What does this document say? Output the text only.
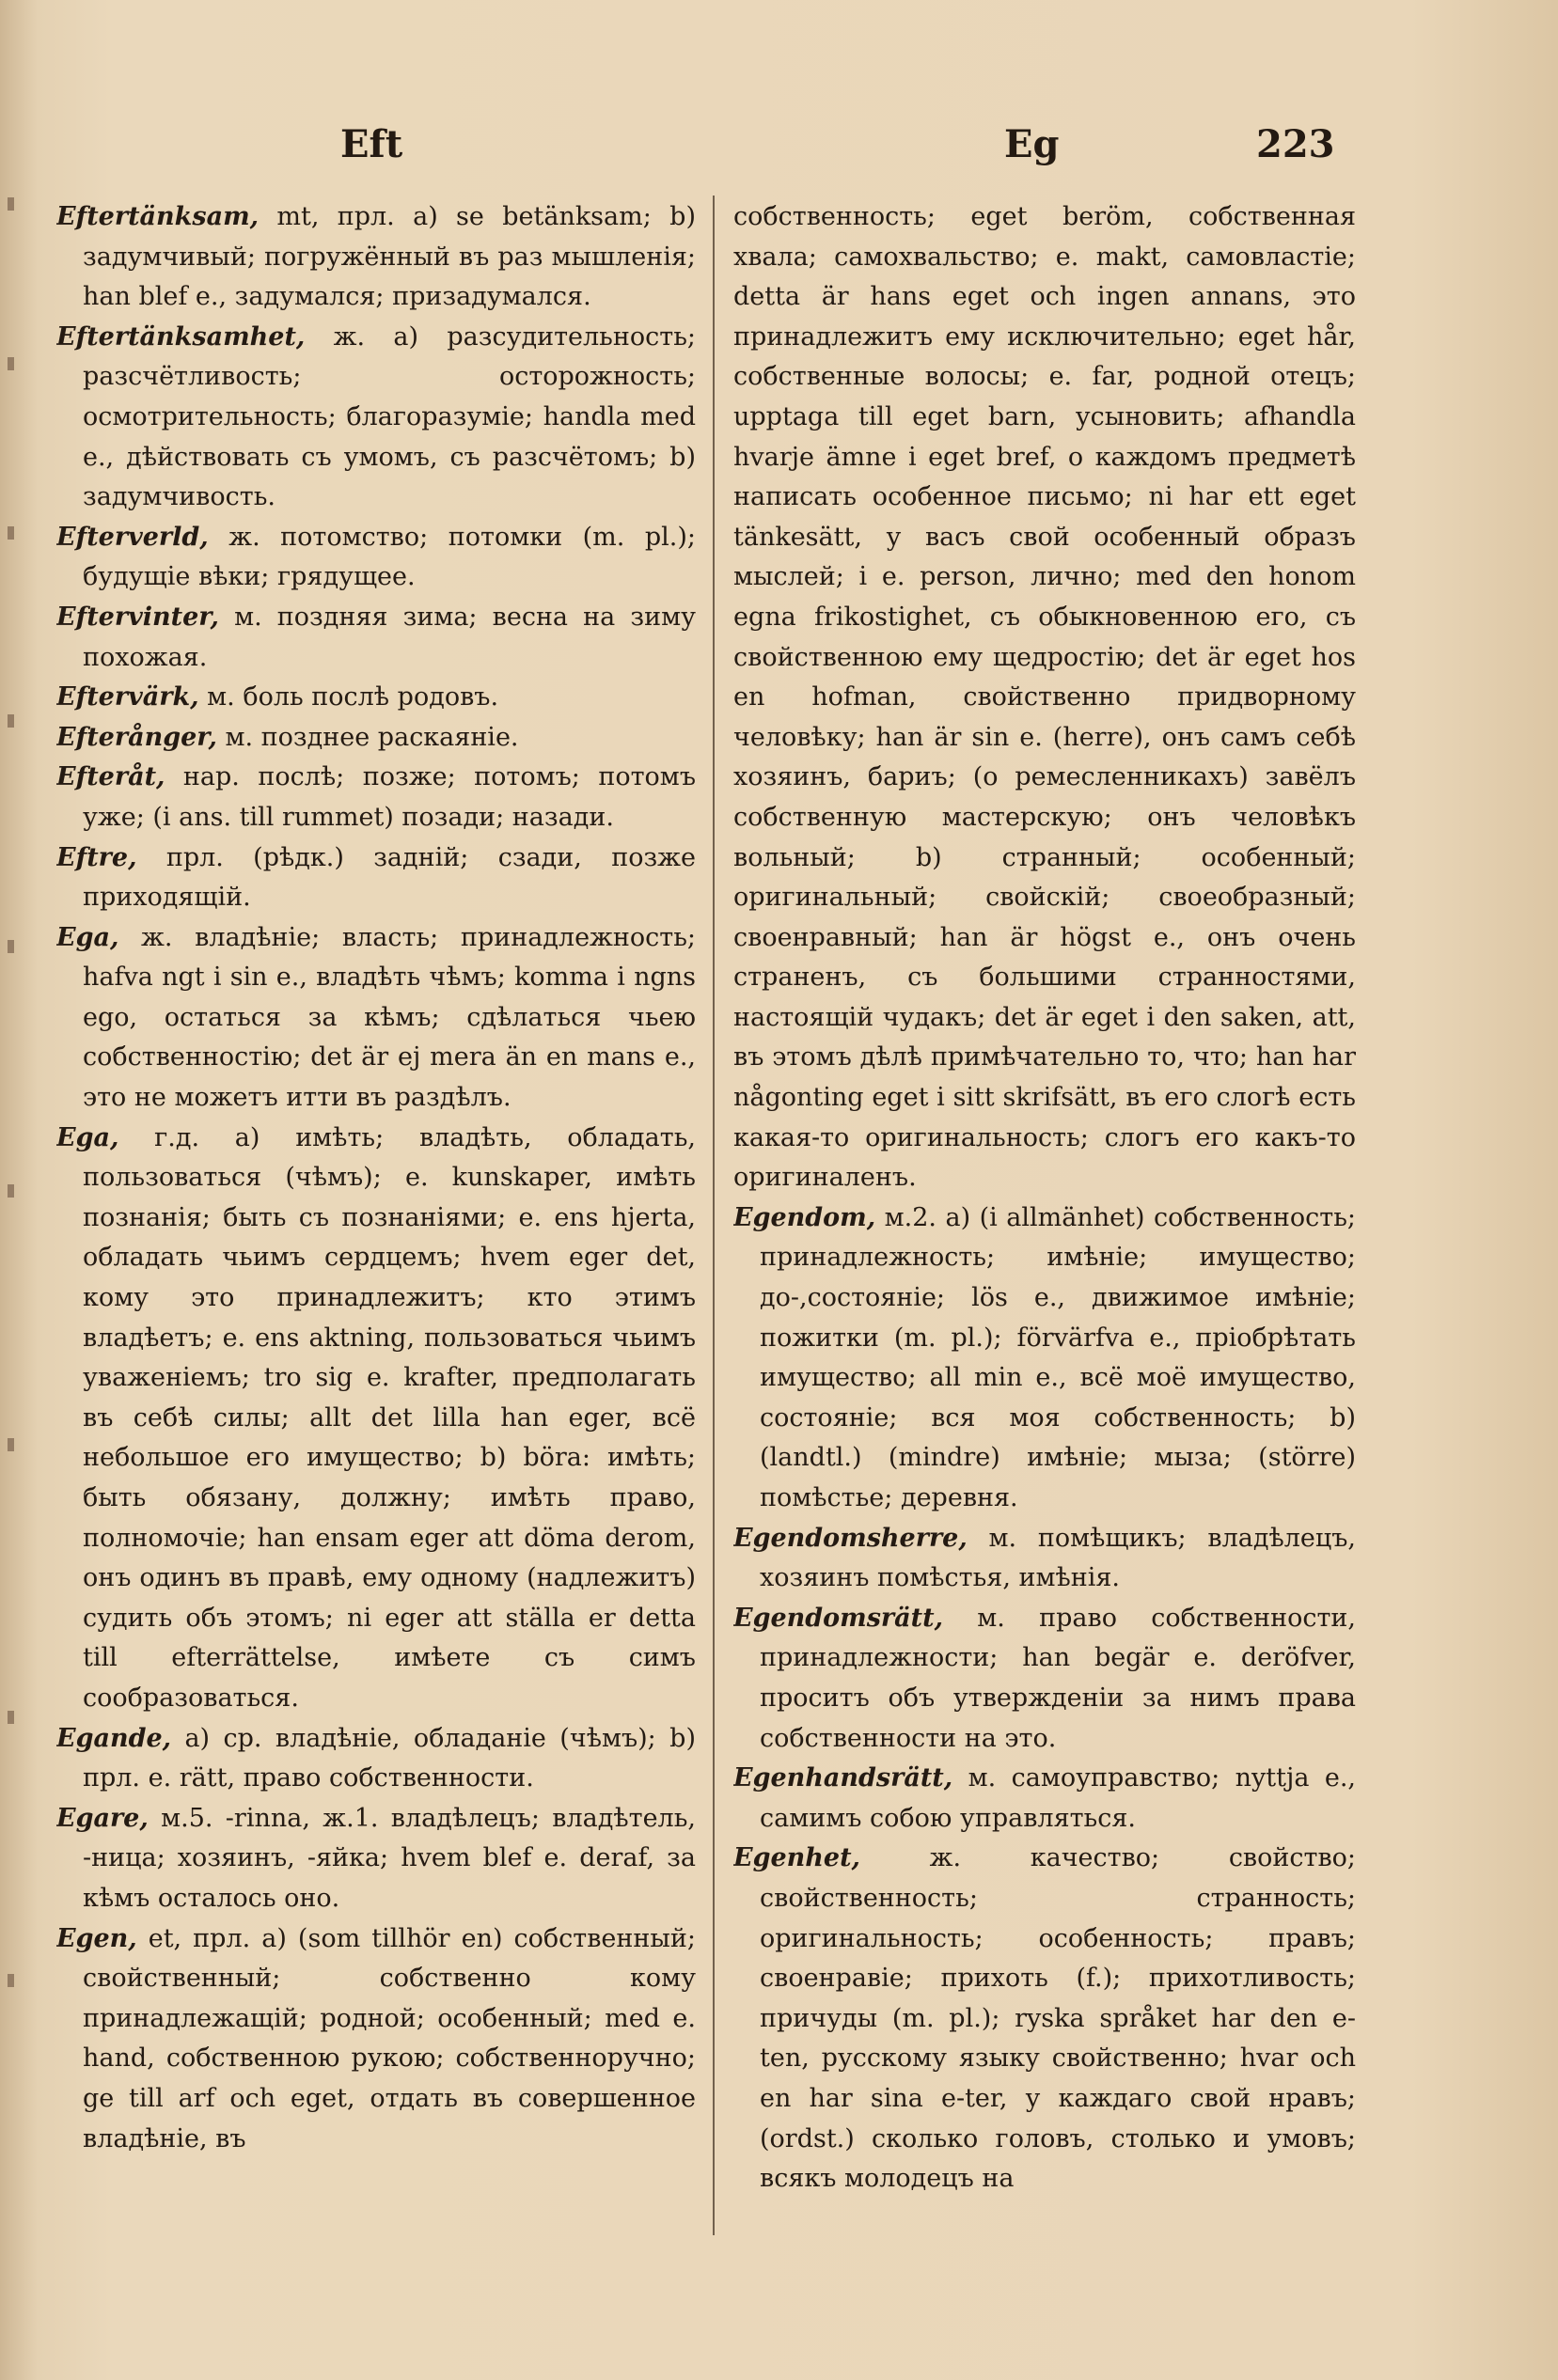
Eft	Eg	223

Eftertänksam, mt, прл. a) se betänksam; b) задумчивый; погружённый въ раз мышленія; han blef e., задумался; призадумался.

Eftertänksamhet, ж. a) разсудительность; разсчётливость; осторожность; осмотрительность; благоразуміе; handla med e., дѣйствовать съ умомъ, съ разсчётомъ; b) задумчивость.

Efterverld, ж. потомство; потомки (m. pl.); будущіе вѣки; грядущее.

Eftervinter, м. поздняя зима; весна на зиму похожая.

Eftervärk, м. боль послѣ родовъ.

Efterånger, м. позднее раскаяніе.

Efteråt, нар. послѣ; позже; потомъ; потомъ уже; (i ans. till rummet) позади; назади.

Eftre, прл. (рѣдк.) задній; сзади, позже приходящій.

Ega, ж. владѣніе; власть; принадлежность; hafva ngt i sin e., владѣть чѣмъ; komma i ngns ego, остаться за кѣмъ; сдѣлаться чьею собственностію; det är ej mera än en mans e., это не можетъ итти въ раздѣлъ.

Ega, г.д. a) имѣть; владѣть, обладать, пользоваться (чѣмъ); e. kunskaper, имѣть познанія; быть съ познаніями; e. ens hjerta, обладать чьимъ сердцемъ; hvem eger det, кому это принадлежитъ; кто этимъ владѣетъ; e. ens aktning, пользоваться чьимъ уваженіемъ; tro sig e. krafter, предполагать въ себѣ силы; allt det lilla han eger, всё небольшое его имущество; b) böra: имѣть; быть обязану, должну; имѣть право, полномочіе; han ensam eger att döma derom, онъ одинъ въ правѣ, ему одному (надлежитъ) судить объ этомъ; ni eger att ställa er detta till efterrättelse, имѣете съ симъ сообразоваться.

Egande, a) ср. владѣніе, обладаніе (чѣмъ); b) прл. e. rätt, право собственности.

Egare, м.5. -rinna, ж.1. владѣлецъ; владѣтель, -ница; хозяинъ, -яйка; hvem blef e. deraf, за кѣмъ осталось оно.

Egen, et, прл. a) (som tillhör en) собственный; свойственный; собственно кому принадлежащій; родной; особенный; med e. hand, собственною рукою; собственноручно; ge till arf och eget, отдать въ совершенное владѣніе, въ

собственность; eget beröm, собственная хвала; самохвальство; e. makt, самовластіе; detta är hans eget och ingen annans, это принадлежитъ ему исключительно; eget hår, собственные волосы; e. far, родной отецъ; upptaga till eget barn, усыновить; afhandla hvarje ämne i eget bref, о каждомъ предметѣ написать особенное письмо; ni har ett eget tänkesätt, у васъ свой особенный образъ мыслей; i e. person, лично; med den honom egna frikostighet, съ обыкновенною его, съ свойственною ему щедростію; det är eget hos en hofman, свойственно придворному человѣку; han är sin e. (herre), онъ самъ себѣ хозяинъ, бариъ; (о ремесленникахъ) завёлъ собственную мастерскую; онъ человѣкъ вольный; b) странный; особенный; оригинальный; свойскій; своеобразный; своенравный; han är högst e., онъ очень страненъ, съ большими странностями, настоящій чудакъ; det är eget i den saken, att, въ этомъ дѣлѣ примѣчательно то, что; han har någonting eget i sitt skrifsätt, въ его слогѣ есть какая-то оригинальность; слогъ его какъ-то оригиналенъ.

Egendom, м.2. a) (i allmänhet) собственность; принадлежность; имѣніе; имущество; до-,состояніе; lös e., движимое имѣніе; пожитки (m. pl.); förvärfva e., пріобрѣтать имущество; all min e., всё моё имущество, состояніе; вся моя собственность; b) (landtl.) (mindre) имѣніе; мыза; (större) помѣстье; деревня.

Egendomsherre, м. помѣщикъ; владѣлецъ, хозяинъ помѣстья, имѣнія.

Egendomsrätt, м. право собственности, принадлежности; han begär e. deröfver, проситъ объ утвержденіи за нимъ права собственности на это.

Egenhandsrätt, м. самоуправство; nyttja e., самимъ собою управляться.

Egenhet, ж. качество; свойство; свойственность; странность; оригинальность; особенность; правъ; своенравіе; прихоть (f.); прихотливость; причуды (m. pl.); ryska språket har den e-ten, русскому языку свойственно; hvar och en har sina e-ter, у каждаго свой нравъ; (ordst.) сколько головъ, столько и умовъ; всякъ молодецъ на
